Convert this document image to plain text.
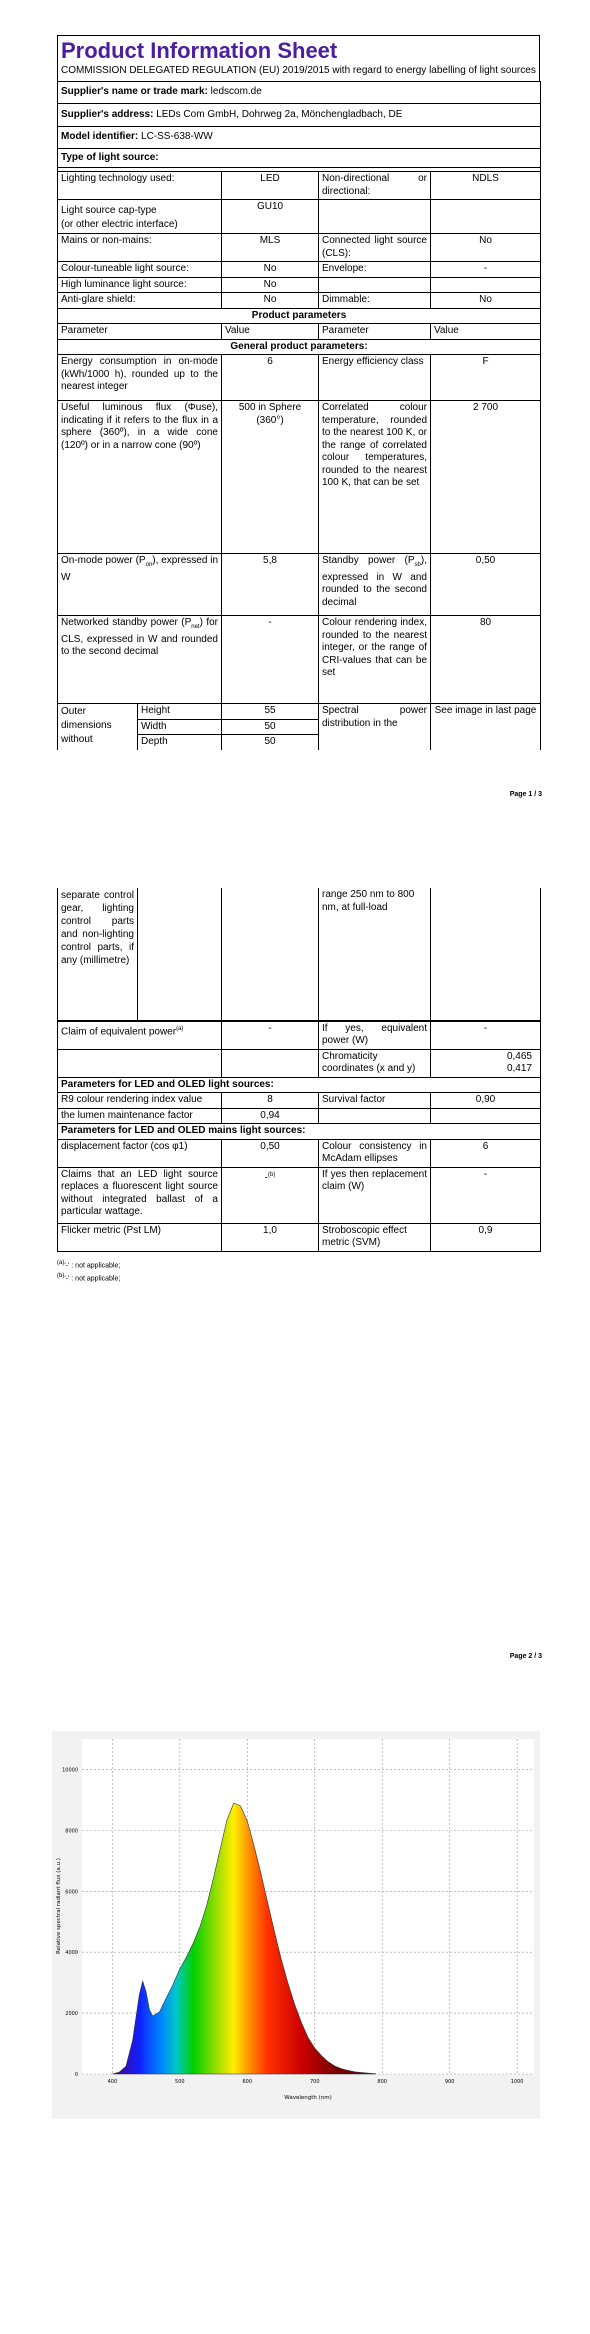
Product Information Sheet
COMMISSION DELEGATED REGULATION (EU) 2019/2015 with regard to energy labelling of light sources
Supplier's name or trade mark: ledscom.de			
Supplier's address: LEDs Com GmbH, Dohrweg 2a, Mönchengladbach, DE			
Model identifier: LC-SS-638-WW			
Type of light source:			

Lighting technology used:	LED	Non-directional or directional:	NDLS
Light source cap-type
(or other electric interface)	GU10		
Mains or non-mains:	MLS	Connected light source (CLS):	No
Colour-tuneable light source:	No	Envelope:	-
High luminance light source:	No		
Anti-glare shield:	No	Dimmable:	No
Product parameters			
Parameter	Value	Parameter	Value
General product parameters:			
Energy consumption in on-mode (kWh/1000 h), rounded up to the nearest integer	6	Energy efficiency class	F
Useful luminous flux (Φuse), indicating if it refers to the flux in a sphere (360º), in a wide cone (120º) or in a narrow cone (90º)	500 in Sphere (360°)	Correlated colour temperature, rounded to the nearest 100 K, or the range of correlated colour temperatures, rounded to the nearest 100 K, that can be set	2 700
On-mode power $(P_{on})$, expressed in W	5,8	Standby power $(P_{sb})$, expressed in W and rounded to the second decimal	0,50
Networked standby power $(P_{net})$ for CLS, expressed in W and rounded to the second decimal	-	Colour rendering index, rounded to the nearest integer, or the range of CRI-values that can be set	80
Outer dimensions without	Height	55	Spectral power distribution in the	See image in last page
	Width	50		
	Depth	50		
Page 1 / 3
separate control gear, lighting control parts and non-lighting control parts, if any (millimetre)			range 250 nm to 800 nm, at full-load	
Claim of equivalent power$^{(a)}$	-	If yes, equivalent power (W)	-
		Chromaticity coordinates (x and y)	0,465
0,417

Parameters for LED and OLED light sources:			
R9 colour rendering index value	8	Survival factor	0,90
the lumen maintenance factor	0,94		
Parameters for LED and OLED mains light sources:			
displacement factor (cos φ1)	0,50	Colour consistency in McAdam ellipses	6
Claims that an LED light source replaces a fluorescent light source without integrated ballast of a particular wattage.	-$^{(b)}$	If yes then replacement claim (W)	-
Flicker metric (Pst LM)	1,0	Stroboscopic effect metric (SVM)	0,9
$^{(a)}$'-' : not applicable;
$^{(b)}$'-' : not applicable;
Page 2 / 3
400	500	600	700	800	900	1000
0
2000
4000
6000
8000
10000
Wavelength (nm)
Relative spectral radiant flux (a.u.)
